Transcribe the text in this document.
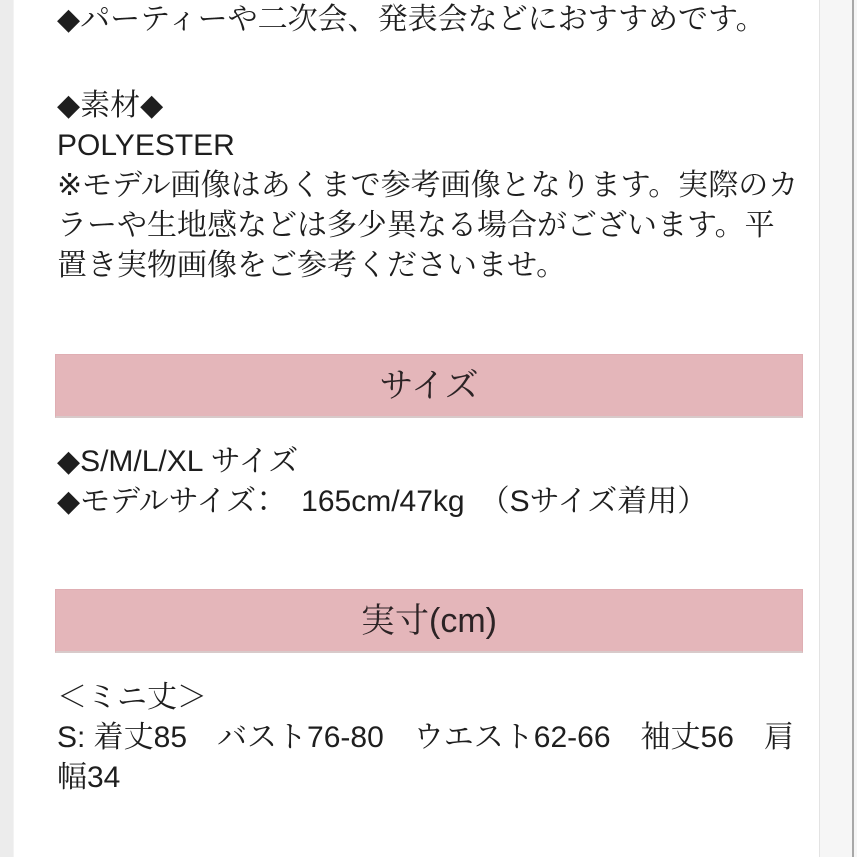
◆パーティーや二次会、発表会などにおすすめです。

◆素材◆

POLYESTER

※モデル画像はあくまで参考画像となります。実際のカラーや生地感などは多少異なる場合がございます。平置き実物画像をご参考くださいませ。

サイズ

◆S/M/L/XL サイズ

◆モデルサイズ：　165cm/47kg　（Sサイズ着用）

実寸(cm)

＜ミニ丈＞

S: 着丈85　バスト76-80　ウエスト62-66　袖丈56　肩幅34
